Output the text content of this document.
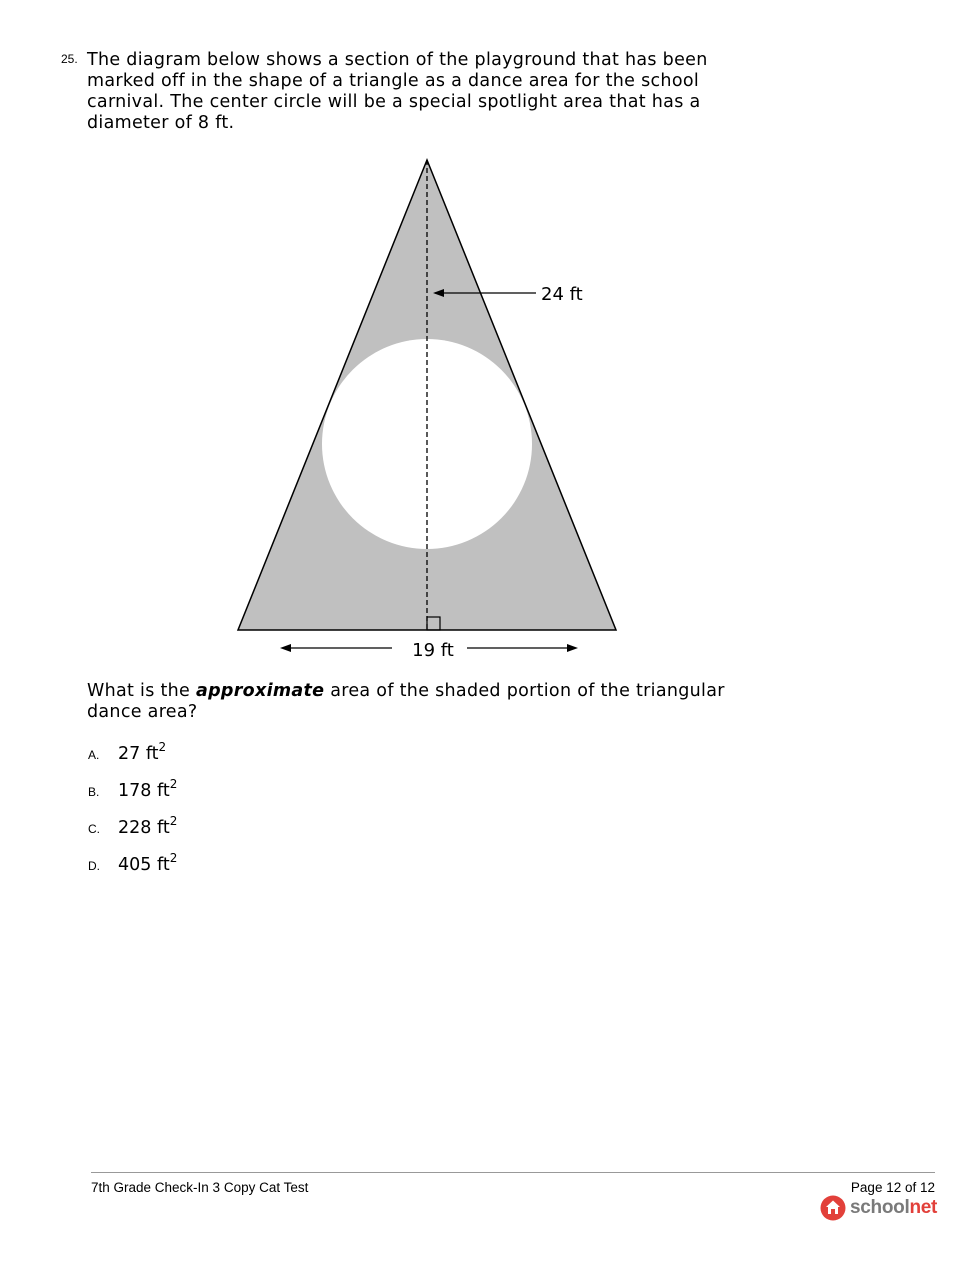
25. The diagram below shows a section of the playground that has been marked off in the shape of a triangle as a dance area for the school carnival. The center circle will be a special spotlight area that has a diameter of 8 ft.
24 ft
19 ft
What is the approximate area of the shaded portion of the triangular dance area?
A. 27 $ft^2$
B. 178 $ft^2$
C. 228 $ft^2$
D. 405 $ft^2$
7th Grade Check-In 3 Copy Cat Test	Page 12 of 12
schoolnet
